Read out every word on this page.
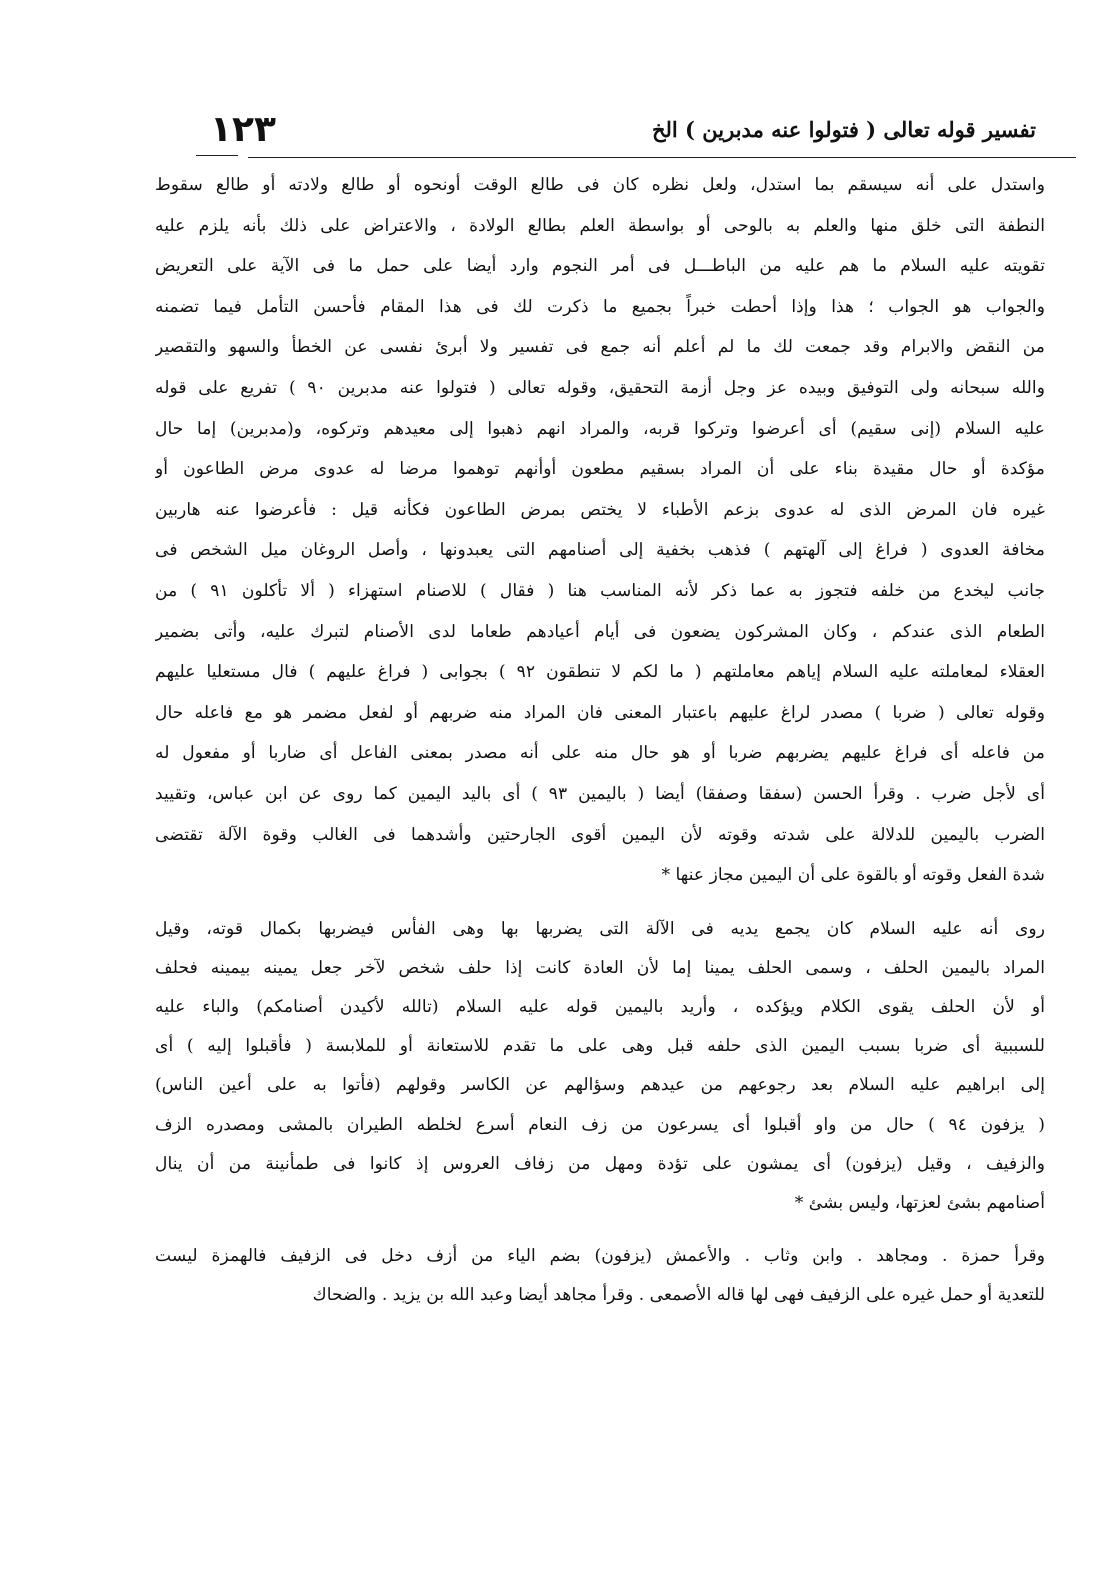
١٢٣	تفسير قوله تعالى ( فتولوا عنه مدبرين ) الخ
واستدل على أنه سيسقم بما استدل، ولعل نظره كان فى طالع الوقت أونحوه أو طالع ولادته أو طالع سقوط
النطفة التى خلق منها والعلم به بالوحى أو بواسطة العلم بطالع الولادة ، والاعتراض على ذلك بأنه يلزم عليه
تقويته عليه السلام ما هم عليه من الباطـــل فى أمر النجوم وارد أيضا على حمل ما فى الآية على التعريض
والجواب هو الجواب ؛ هذا وإذا أحطت خبراً بجميع ما ذكرت لك فى هذا المقام فأحسن التأمل فيما تضمنه
من النقض والابرام وقد جمعت لك ما لم أعلم أنه جمع فى تفسير ولا أبرئ نفسى عن الخطأ والسهو والتقصير
والله سبحانه ولى التوفيق وبيده عز وجل أزمة التحقيق، وقوله تعالى ( فتولوا عنه مدبرين ٩٠ ) تفريع على قوله
عليه السلام (إنى سقيم) أى أعرضوا وتركوا قربه، والمراد انهم ذهبوا إلى معيدهم وتركوه، و(مدبرين) إما حال
مؤكدة أو حال مقيدة بناء على أن المراد بسقيم مطعون أوأنهم توهموا مرضا له عدوى مرض الطاعون أو
غيره فان المرض الذى له عدوى بزعم الأطباء لا يختص بمرض الطاعون فكأنه قيل : فأعرضوا عنه هاربين
مخافة العدوى ( فراغ إلى آلهتهم ) فذهب بخفية إلى أصنامهم التى يعبدونها ، وأصل الروغان ميل الشخص فى
جانب ليخدع من خلفه فتجوز به عما ذكر لأنه المناسب هنا ( فقال ) للاصنام استهزاء ( ألا تأكلون ٩١ ) من
الطعام الذى عندكم ، وكان المشركون يضعون فى أيام أعيادهم طعاما لدى الأصنام لتبرك عليه، وأتى بضمير
العقلاء لمعاملته عليه السلام إياهم معاملتهم ( ما لكم لا تنطقون ٩٢ ) بجوابى ( فراغ عليهم ) فال مستعليا عليهم
وقوله تعالى ( ضربا ) مصدر لراغ عليهم باعتبار المعنى فان المراد منه ضربهم أو لفعل مضمر هو مع فاعله حال
من فاعله أى فراغ عليهم يضربهم ضربا أو هو حال منه على أنه مصدر بمعنى الفاعل أى ضاربا أو مفعول له
أى لأجل ضرب . وقرأ الحسن (سفقا وصفقا) أيضا ( باليمين ٩٣ ) أى باليد اليمين كما روى عن ابن عباس، وتقييد
الضرب باليمين للدلالة على شدته وقوته لأن اليمين أقوى الجارحتين وأشدهما فى الغالب وقوة الآلة تقتضى
شدة الفعل وقوته أو بالقوة على أن اليمين مجاز عنها *
روى أنه عليه السلام كان يجمع يديه فى الآلة التى يضربها بها وهى الفأس فيضربها بكمال قوته، وقيل
المراد باليمين الحلف ، وسمى الحلف يمينا إما لأن العادة كانت إذا حلف شخص لآخر جعل يمينه بيمينه فحلف
أو لأن الحلف يقوى الكلام ويؤكده ، وأريد باليمين قوله عليه السلام (تالله لأكيدن أصنامكم) والباء عليه
للسببية أى ضربا بسبب اليمين الذى حلفه قبل وهى على ما تقدم للاستعانة أو للملابسة ( فأقبلوا إليه ) أى
إلى ابراهيم عليه السلام بعد رجوعهم من عيدهم وسؤالهم عن الكاسر وقولهم (فأتوا به على أعين الناس)
( يزفون ٩٤ ) حال من واو أقبلوا أى يسرعون من زف النعام أسرع لخلطه الطيران بالمشى ومصدره الزف
والزفيف ، وقيل (يزفون) أى يمشون على تؤدة ومهل من زفاف العروس إذ كانوا فى طمأنينة من أن ينال
أصنامهم بشئ لعزتها، وليس بشئ *
وقرأ حمزة . ومجاهد . وابن وثاب . والأعمش (يزفون) بضم الياء من أزف دخل فى الزفيف فالهمزة ليست
للتعدية أو حمل غيره على الزفيف فهى لها قاله الأصمعى . وقرأ مجاهد أيضا وعبد الله بن يزيد . والضحاك
